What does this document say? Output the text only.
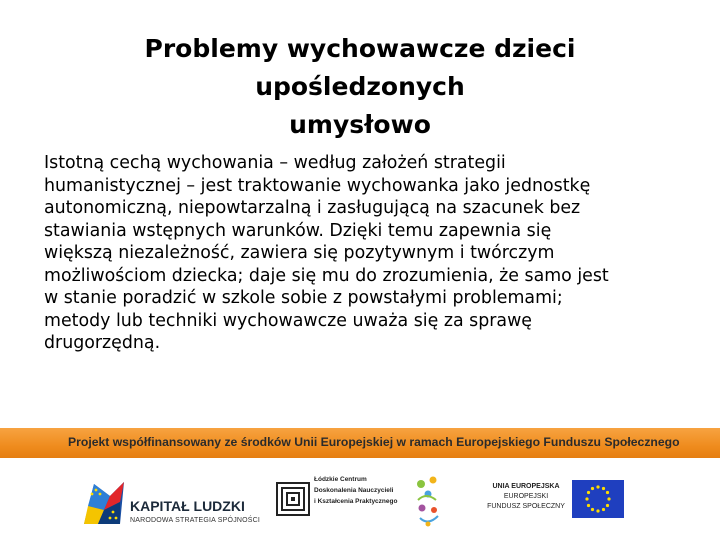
Problemy wychowawcze dzieci upośledzonych
umysłowo
Istotną cechą wychowania – według założeń strategii
humanistycznej – jest traktowanie wychowanka jako jednostkę
autonomiczną, niepowtarzalną i zasługującą na szacunek bez
stawiania wstępnych warunków. Dzięki temu zapewnia się
większą niezależność, zawiera się pozytywnym i twórczym
możliwościom dziecka; daje się mu do zrozumienia, że samo jest
w stanie poradzić w szkole sobie z powstałymi problemami;
metody lub techniki wychowawcze uważa się za sprawę
drugorzędną.
Projekt współfinansowany ze środków Unii Europejskiej w ramach Europejskiego Funduszu Społecznego
KAPITAŁ LUDZKI
NARODOWA STRATEGIA SPÓJNOŚCI
Łódzkie Centrum
Doskonalenia Nauczycieli
i Kształcenia Praktycznego
UNIA EUROPEJSKA
EUROPEJSKI
FUNDUSZ SPOŁECZNY
